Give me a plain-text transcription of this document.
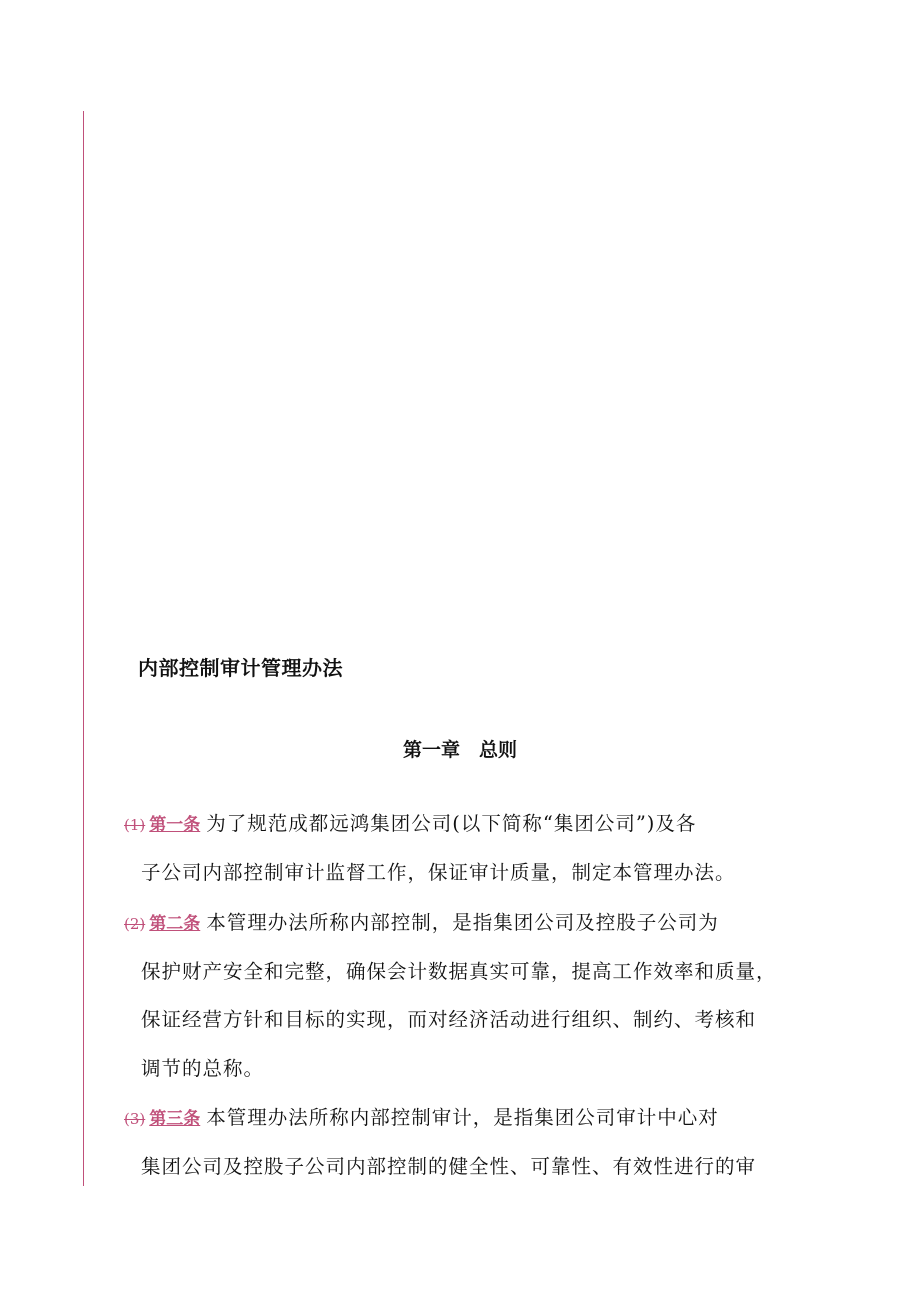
内部控制审计管理办法
第一章　总则
(1) 第一条 为了规范成都远鸿集团公司(以下简称“集团公司”)及各
子公司内部控制审计监督工作，保证审计质量，制定本管理办法。
(2) 第二条 本管理办法所称内部控制，是指集团公司及控股子公司为
保护财产安全和完整，确保会计数据真实可靠，提高工作效率和质量，
保证经营方针和目标的实现，而对经济活动进行组织、制约、考核和
调节的总称。
(3) 第三条 本管理办法所称内部控制审计，是指集团公司审计中心对
集团公司及控股子公司内部控制的健全性、可靠性、有效性进行的审
